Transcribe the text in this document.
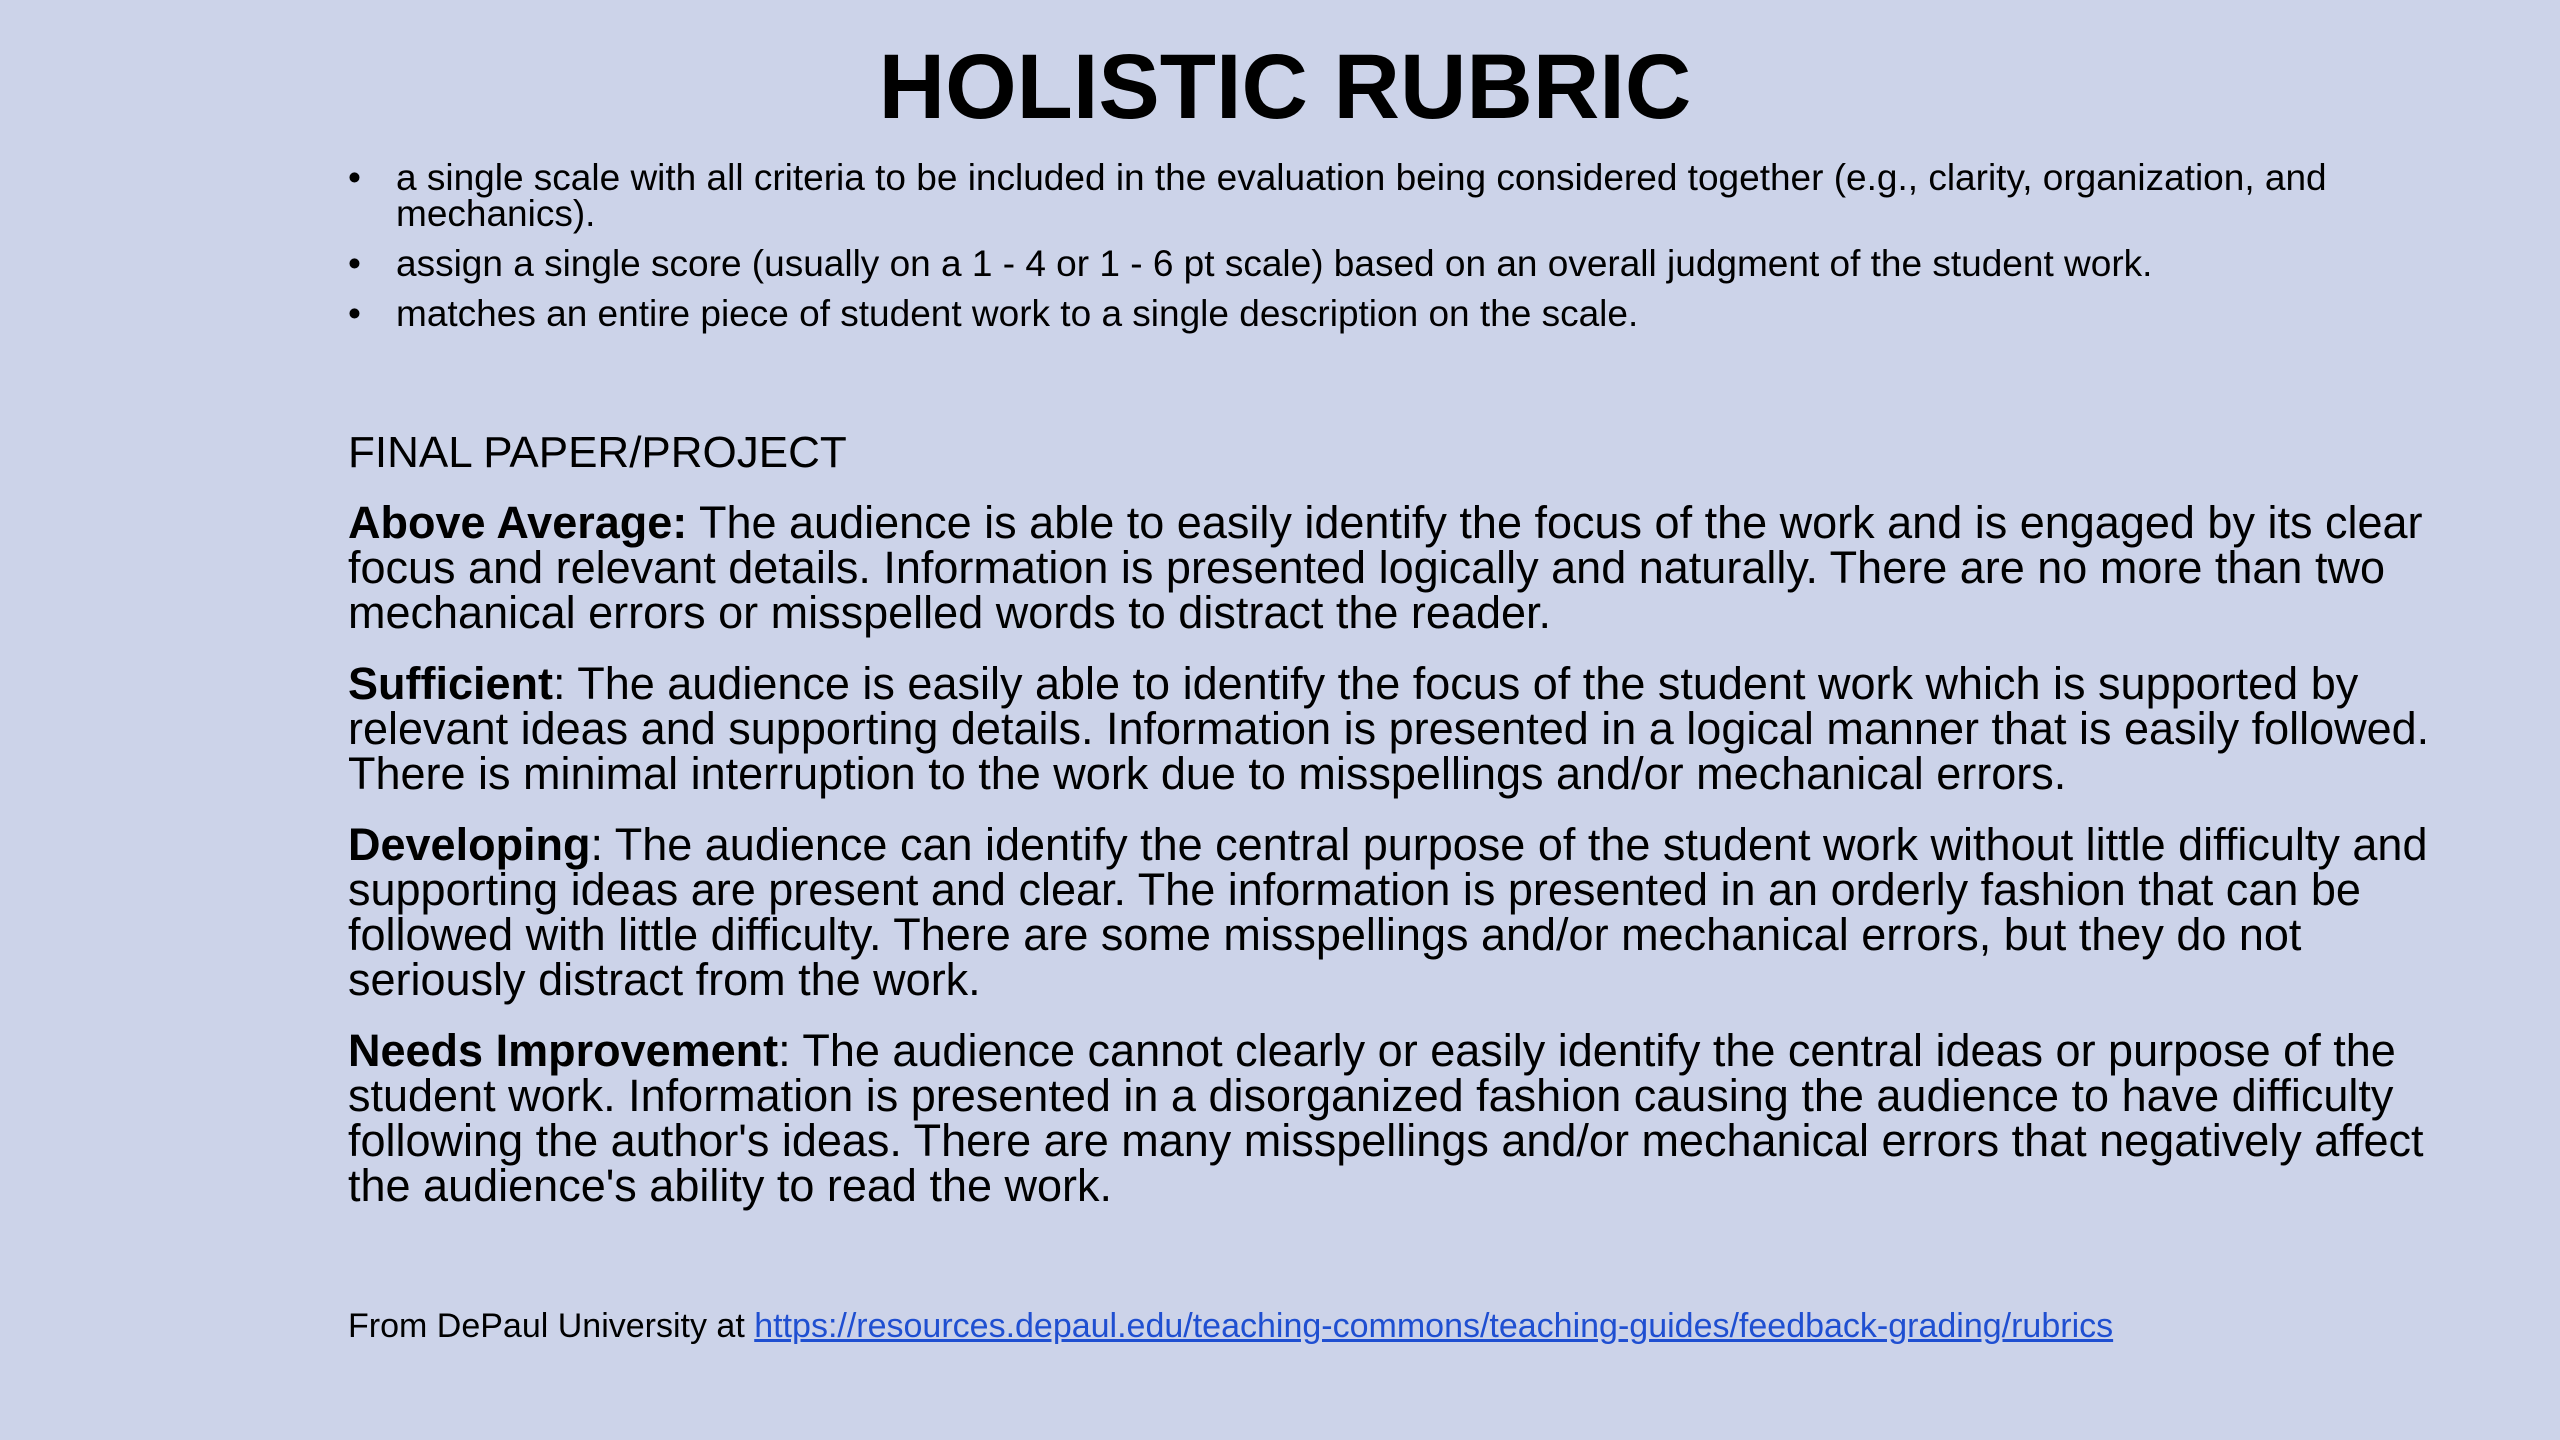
HOLISTIC RUBRIC
• a single scale with all criteria to be included in the evaluation being considered together (e.g., clarity, organization, and mechanics).
• assign a single score (usually on a 1 - 4 or 1 - 6 pt scale) based on an overall judgment of the student work.
• matches an entire piece of student work to a single description on the scale.

FINAL PAPER/PROJECT

Above Average: The audience is able to easily identify the focus of the work and is engaged by its clear focus and relevant details. Information is presented logically and naturally. There are no more than two mechanical errors or misspelled words to distract the reader.

Sufficient: The audience is easily able to identify the focus of the student work which is supported by relevant ideas and supporting details. Information is presented in a logical manner that is easily followed. There is minimal interruption to the work due to misspellings and/or mechanical errors.

Developing: The audience can identify the central purpose of the student work without little difficulty and supporting ideas are present and clear. The information is presented in an orderly fashion that can be followed with little difficulty. There are some misspellings and/or mechanical errors, but they do not seriously distract from the work.

Needs Improvement: The audience cannot clearly or easily identify the central ideas or purpose of the student work. Information is presented in a disorganized fashion causing the audience to have difficulty following the author's ideas. There are many misspellings and/or mechanical errors that negatively affect the audience's ability to read the work.

From DePaul University at https://resources.depaul.edu/teaching-commons/teaching-guides/feedback-grading/rubrics
